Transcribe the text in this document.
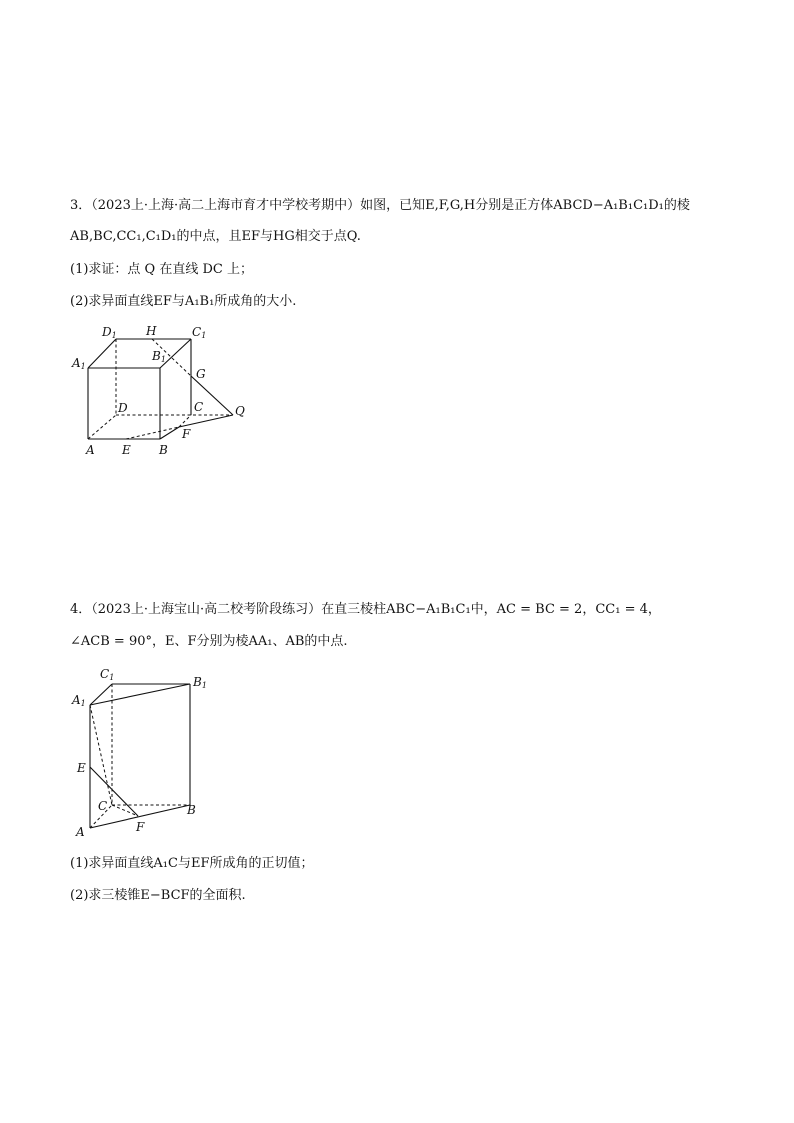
3．（2023上·上海·高二上海市育才中学校考期中）如图，已知E,F,G,H分别是正方体ABCD−A₁B₁C₁D₁的棱
AB,BC,CC₁,C₁D₁的中点，且EF与HG相交于点Q.
(1)求证：点 Q 在直线 DC 上；
(2)求异面直线EF与A₁B₁所成角的大小.
D1 H	C1
A1
B1
G
D	C	Q
F
A E B
4．（2023上·上海宝山·高二校考阶段练习）在直三棱柱ABC−A₁B₁C₁中，AC = BC = 2，CC₁ = 4，
∠ACB = 90°，E、F分别为棱AA₁、AB的中点.
C1	B1
A1
E
C	B
A	F
(1)求异面直线A₁C与EF所成角的正切值；
(2)求三棱锥E−BCF的全面积.
